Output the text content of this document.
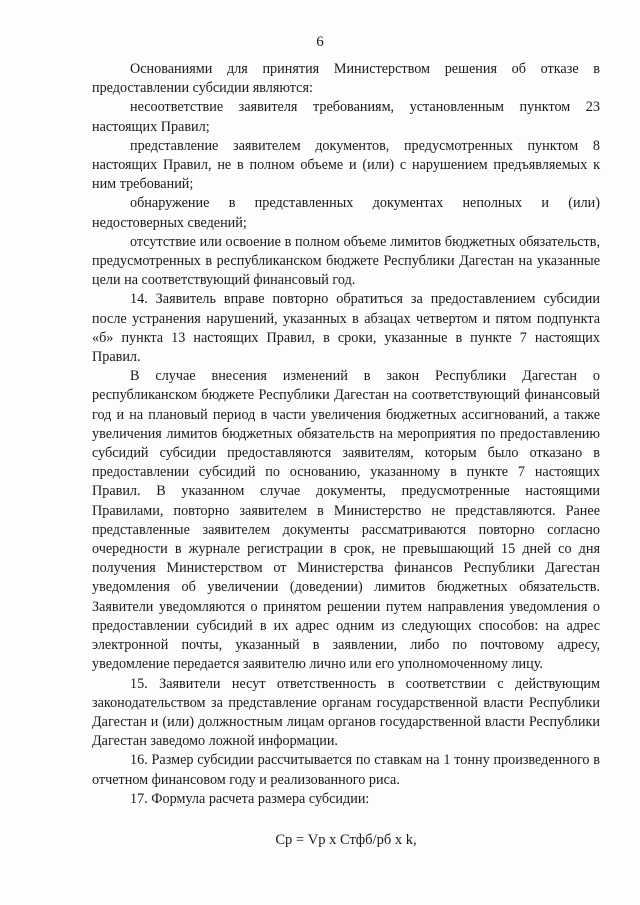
6

Основаниями для принятия Министерством решения об отказе в предоставлении субсидии являются:

несоответствие заявителя требованиям, установленным пунктом 23 настоящих Правил;

представление заявителем документов, предусмотренных пунктом 8 настоящих Правил, не в полном объеме и (или) с нарушением предъявляемых к ним требований;

обнаружение в представленных документах неполных и (или) недостоверных сведений;

отсутствие или освоение в полном объеме лимитов бюджетных обязательств, предусмотренных в республиканском бюджете Республики Дагестан на указанные цели на соответствующий финансовый год.

14. Заявитель вправе повторно обратиться за предоставлением субсидии после устранения нарушений, указанных в абзацах четвертом и пятом подпункта «б» пункта 13 настоящих Правил, в сроки, указанные в пункте 7 настоящих Правил.

В случае внесения изменений в закон Республики Дагестан о республиканском бюджете Республики Дагестан на соответствующий финансовый год и на плановый период в части увеличения бюджетных ассигнований, а также увеличения лимитов бюджетных обязательств на мероприятия по предоставлению субсидий субсидии предоставляются заявителям, которым было отказано в предоставлении субсидий по основанию, указанному в пункте 7 настоящих Правил. В указанном случае документы, предусмотренные настоящими Правилами, повторно заявителем в Министерство не представляются. Ранее представленные заявителем документы рассматриваются повторно согласно очередности в журнале регистрации в срок, не превышающий 15 дней со дня получения Министерством от Министерства финансов Республики Дагестан уведомления об увеличении (доведении) лимитов бюджетных обязательств. Заявители уведомляются о принятом решении путем направления уведомления о предоставлении субсидий в их адрес одним из следующих способов: на адрес электронной почты, указанный в заявлении, либо по почтовому адресу, уведомление передается заявителю лично или его уполномоченному лицу.

15. Заявители несут ответственность в соответствии с действующим законодательством за представление органам государственной власти Республики Дагестан и (или) должностным лицам органов государственной власти Республики Дагестан заведомо ложной информации.

16. Размер субсидии рассчитывается по ставкам на 1 тонну произведенного в отчетном финансовом году и реализованного риса.

17. Формула расчета размера субсидии:

Ср = Vр х Стфб/рб х k,
